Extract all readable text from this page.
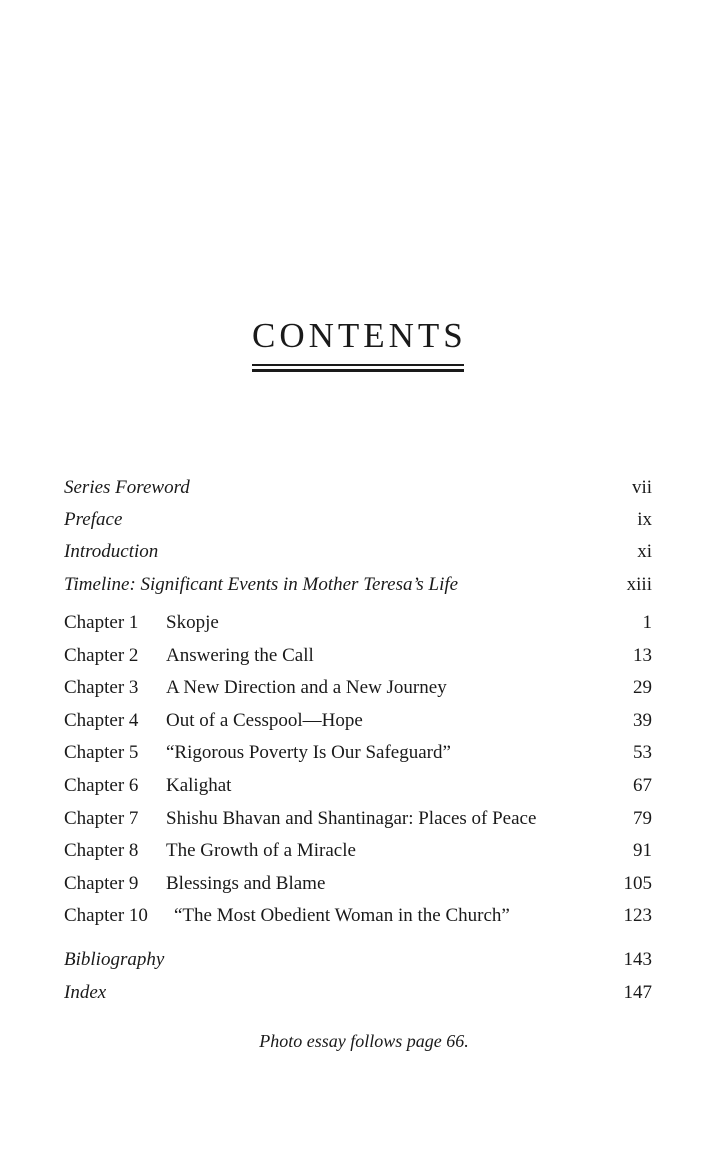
CONTENTS
Series Foreword	vii
Preface	ix
Introduction	xi
Timeline: Significant Events in Mother Teresa’s Life	xiii
Chapter 1	Skopje	1
Chapter 2	Answering the Call	13
Chapter 3	A New Direction and a New Journey	29
Chapter 4	Out of a Cesspool—Hope	39
Chapter 5	“Rigorous Poverty Is Our Safeguard”	53
Chapter 6	Kalighat	67
Chapter 7	Shishu Bhavan and Shantinagar: Places of Peace	79
Chapter 8	The Growth of a Miracle	91
Chapter 9	Blessings and Blame	105
Chapter 10	“The Most Obedient Woman in the Church”	123
Bibliography	143
Index	147
Photo essay follows page 66.
